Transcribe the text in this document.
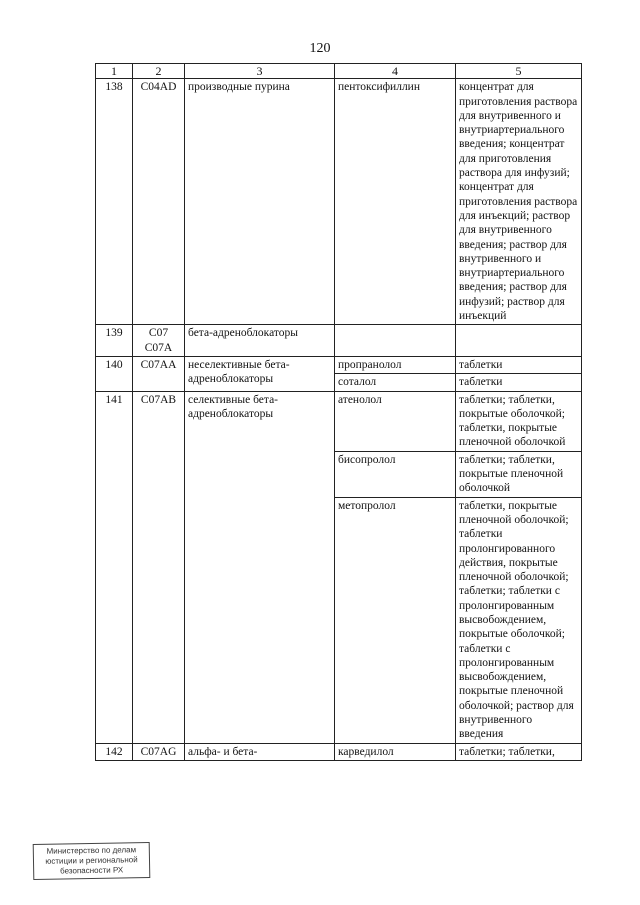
120
1	2	3	4	5
138	C04AD	производные пурина	пентоксифиллин	концентрат для приготовления раствора для внутривенного и внутриартериального введения; концентрат для приготовления раствора для инфузий; концентрат для приготовления раствора для инъекций; раствор для внутривенного введения; раствор для внутривенного и внутриартериального введения; раствор для инфузий; раствор для инъекций
139	C07 C07A	бета-адреноблокаторы		
140	C07AA	неселективные бета-адреноблокаторы	пропранолол	таблетки
			соталол	таблетки
141	C07AB	селективные бета-адреноблокаторы	атенолол	таблетки; таблетки, покрытые оболочкой; таблетки, покрытые пленочной оболочкой
			бисопролол	таблетки; таблетки, покрытые пленочной оболочкой
			метопролол	таблетки, покрытые пленочной оболочкой; таблетки пролонгированного действия, покрытые пленочной оболочкой; таблетки; таблетки с пролонгированным высвобождением, покрытые оболочкой; таблетки с пролонгированным высвобождением, покрытые пленочной оболочкой; раствор для внутривенного введения
142	C07AG	альфа- и бета-	карведилол	таблетки; таблетки,
Министерство по делам
юстиции и региональной
безопасности РХ
